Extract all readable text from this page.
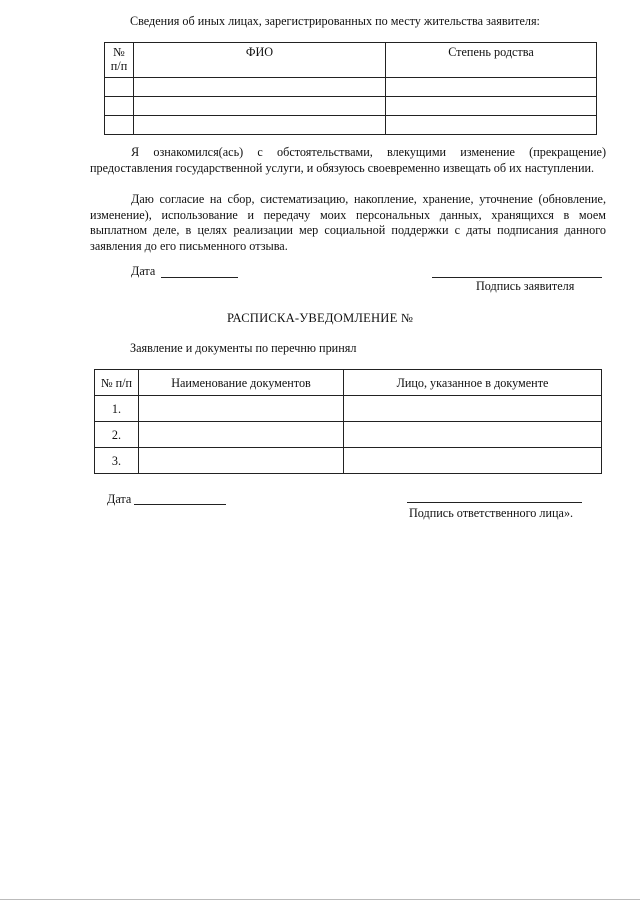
Сведения об иных лицах, зарегистрированных по месту жительства заявителя:
№
п/п	ФИО	Степень родства

Я ознакомился(ась) с обстоятельствами, влекущими изменение (прекращение) предоставления государственной услуги, и обязуюсь своевременно извещать об их наступлении.

Даю согласие на сбор, систематизацию, накопление, хранение, уточнение (обновление, изменение), использование и передачу моих персональных данных, хранящихся в моем выплатном деле, в целях реализации мер социальной поддержки с даты подписания данного заявления до его письменного отзыва.

Дата
Подпись заявителя
РАСПИСКА-УВЕДОМЛЕНИЕ №
Заявление и документы по перечню принял
№ п/п	Наименование документов	Лицо, указанное в документе
1.		
2.		
3.		
Дата
Подпись ответственного лица».
